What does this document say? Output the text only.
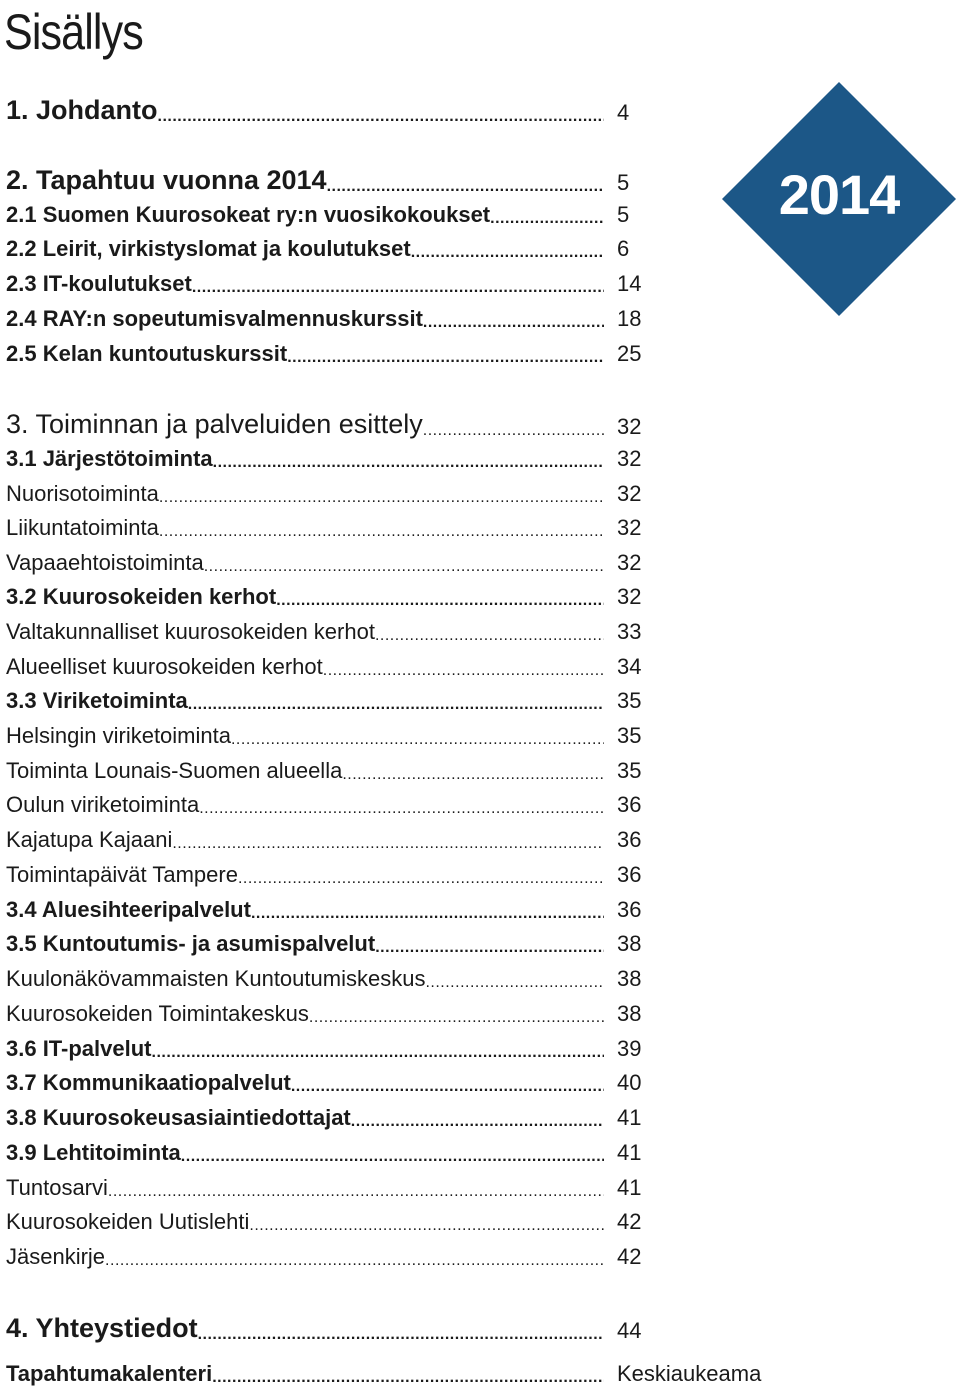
Sisällys
2014
1. Johdanto .....	4
2. Tapahtuu vuonna 2014 .....	5
2.1 Suomen Kuurosokeat ry:n vuosikokoukset .....	5
2.2 Leirit, virkistyslomat ja koulutukset .....	6
2.3 IT-koulutukset .....	14
2.4 RAY:n sopeutumisvalmennuskurssit .....	18
2.5 Kelan kuntoutuskurssit .....	25
3. Toiminnan ja palveluiden esittely .....	32
3.1 Järjestötoiminta .....	32
Nuorisotoiminta .....	32
Liikuntatoiminta .....	32
Vapaaehtoistoiminta .....	32
3.2 Kuurosokeiden kerhot .....	32
Valtakunnalliset kuurosokeiden kerhot .....	33
Alueelliset kuurosokeiden kerhot .....	34
3.3 Viriketoiminta .....	35
Helsingin viriketoiminta .....	35
Toiminta Lounais-Suomen alueella .....	35
Oulun viriketoiminta .....	36
Kajatupa Kajaani .....	36
Toimintapäivät Tampere .....	36
3.4 Aluesihteeripalvelut .....	36
3.5 Kuntoutumis- ja asumispalvelut .....	38
Kuulonäkövammaisten Kuntoutumiskeskus .....	38
Kuurosokeiden Toimintakeskus .....	38
3.6 IT-palvelut .....	39
3.7 Kommunikaatiopalvelut .....	40
3.8 Kuurosokeusasiaintiedottajat .....	41
3.9 Lehtitoiminta .....	41
Tuntosarvi .....	41
Kuurosokeiden Uutislehti .....	42
Jäsenkirje .....	42
4. Yhteystiedot .....	44
Tapahtumakalenteri .....	Keskiaukeama
